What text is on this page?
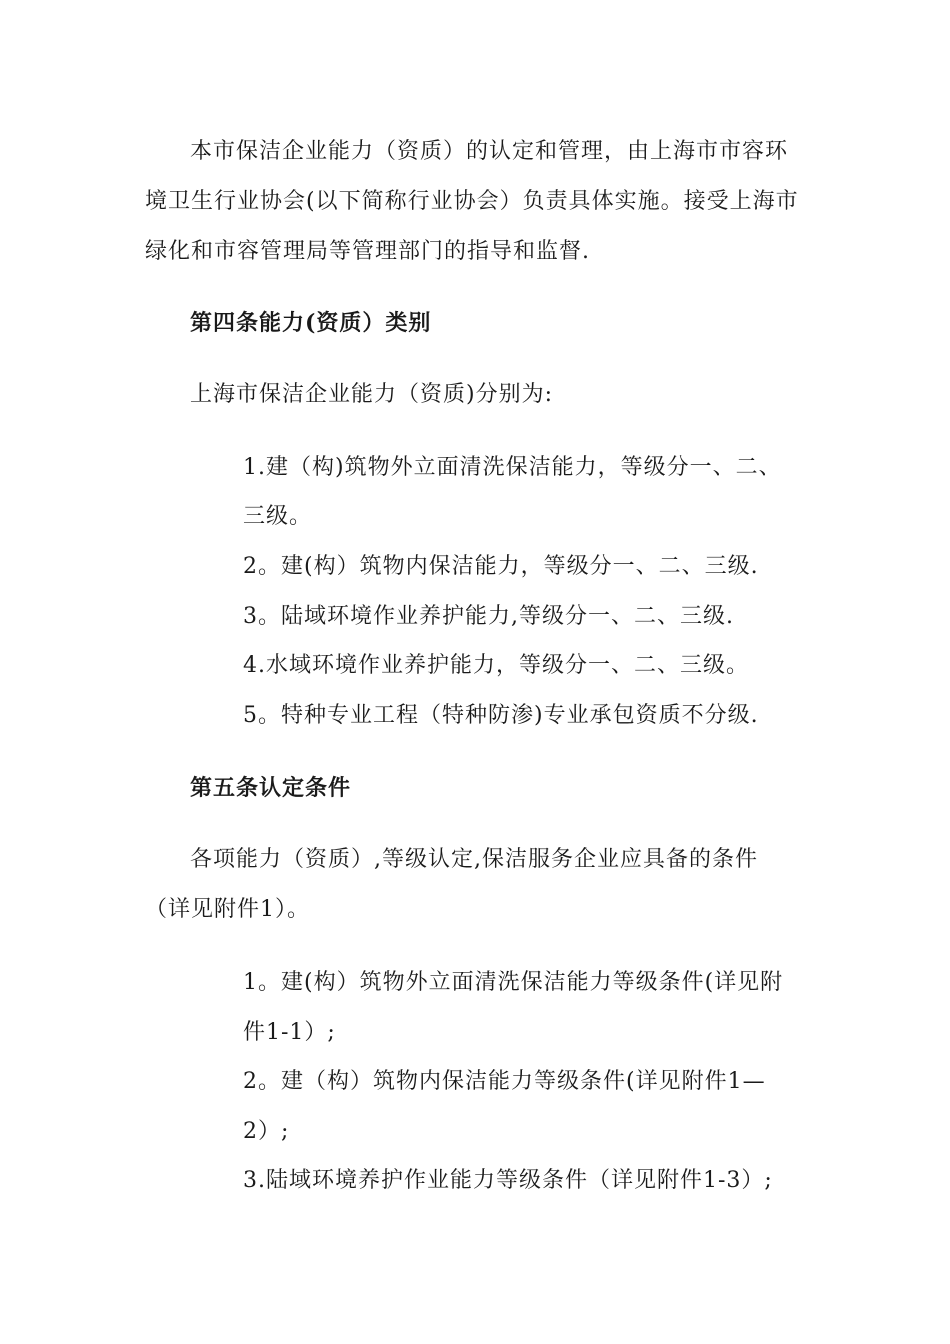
本市保洁企业能力（资质）的认定和管理，由上海市市容环
境卫生行业协会(以下简称行业协会）负责具体实施。接受上海市
绿化和市容管理局等管理部门的指导和监督.
第四条能力(资质）类别
上海市保洁企业能力（资质)分别为:
1.建（构)筑物外立面清洗保洁能力，等级分一、二、
三级。
2。建(构）筑物内保洁能力，等级分一、二、三级.
3。陆域环境作业养护能力,等级分一、二、三级.
4.水域环境作业养护能力，等级分一、二、三级。
5。特种专业工程（特种防渗)专业承包资质不分级.
第五条认定条件
各项能力（资质）,等级认定,保洁服务企业应具备的条件
（详见附件1）。
1。建(构）筑物外立面清洗保洁能力等级条件(详见附
件1-1）;
2。建（构）筑物内保洁能力等级条件(详见附件1—
2）;
3.陆域环境养护作业能力等级条件（详见附件1-3）;
